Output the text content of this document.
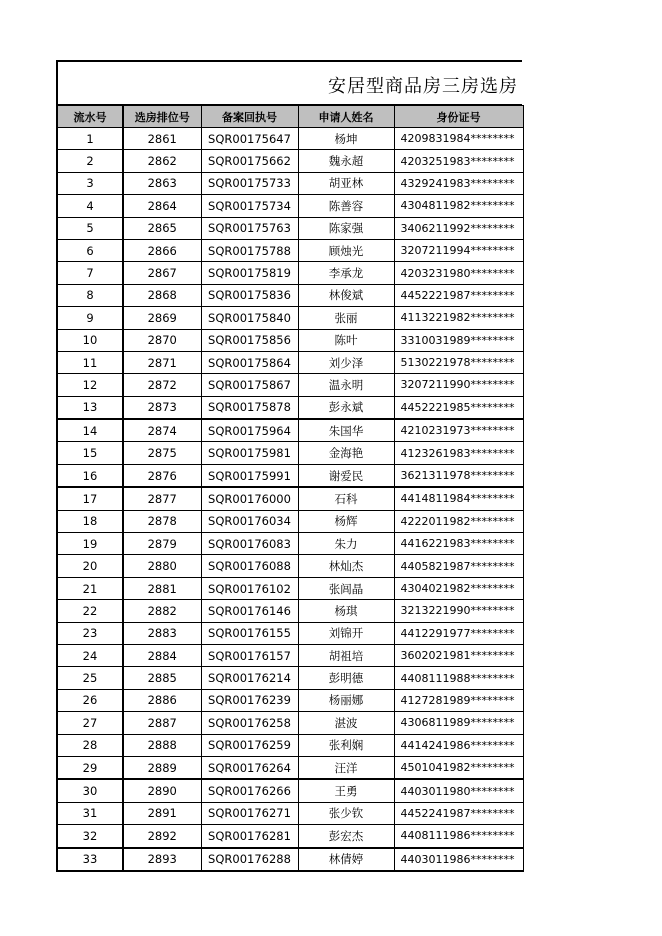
安居型商品房三房选房
流水号	选房排位号	备案回执号	申请人姓名	身份证号
1	2861	SQR00175647	杨坤	4209831984********
2	2862	SQR00175662	魏永超	4203251983********
3	2863	SQR00175733	胡亚林	4329241983********
4	2864	SQR00175734	陈善容	4304811982********
5	2865	SQR00175763	陈家强	3406211992********
6	2866	SQR00175788	顾烛光	3207211994********
7	2867	SQR00175819	李承龙	4203231980********
8	2868	SQR00175836	林俊斌	4452221987********
9	2869	SQR00175840	张丽	4113221982********
10	2870	SQR00175856	陈叶	3310031989********
11	2871	SQR00175864	刘少泽	5130221978********
12	2872	SQR00175867	温永明	3207211990********
13	2873	SQR00175878	彭永斌	4452221985********
14	2874	SQR00175964	朱国华	4210231973********
15	2875	SQR00175981	金海艳	4123261983********
16	2876	SQR00175991	谢爱民	3621311978********
17	2877	SQR00176000	石科	4414811984********
18	2878	SQR00176034	杨辉	4222011982********
19	2879	SQR00176083	朱力	4416221983********
20	2880	SQR00176088	林灿杰	4405821987********
21	2881	SQR00176102	张闾晶	4304021982********
22	2882	SQR00176146	杨琪	3213221990********
23	2883	SQR00176155	刘锦开	4412291977********
24	2884	SQR00176157	胡祖培	3602021981********
25	2885	SQR00176214	彭明德	4408111988********
26	2886	SQR00176239	杨丽娜	4127281989********
27	2887	SQR00176258	湛波	4306811989********
28	2888	SQR00176259	张利娴	4414241986********
29	2889	SQR00176264	汪洋	4501041982********
30	2890	SQR00176266	王勇	4403011980********
31	2891	SQR00176271	张少钦	4452241987********
32	2892	SQR00176281	彭宏杰	4408111986********
33	2893	SQR00176288	林倩婷	4403011986********
